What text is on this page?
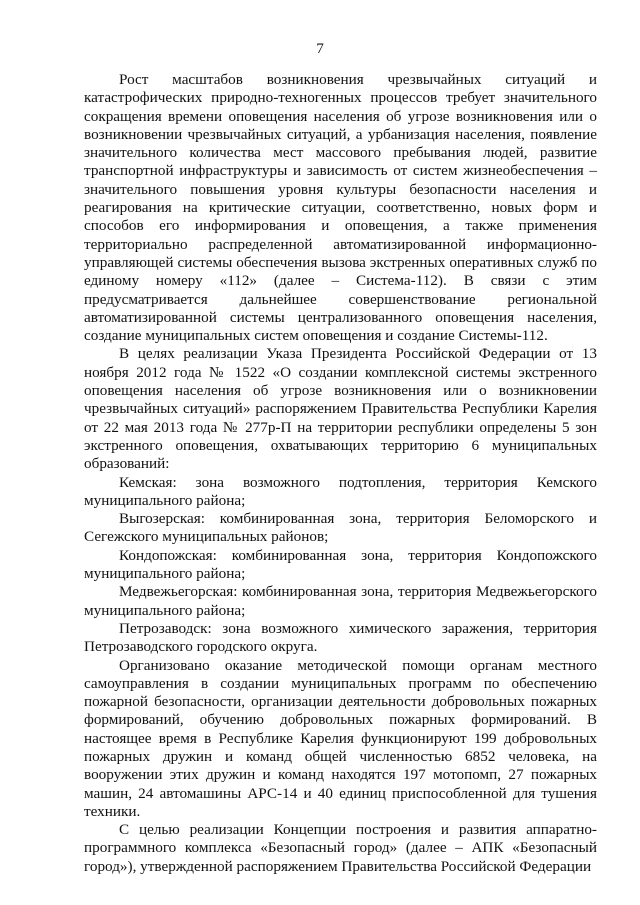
7

Рост масштабов возникновения чрезвычайных ситуаций и катастрофических природно-техногенных процессов требует значительного сокращения времени оповещения населения об угрозе возникновения или о возникновении чрезвычайных ситуаций, а урбанизация населения, появление значительного количества мест массового пребывания людей, развитие транспортной инфраструктуры и зависимость от систем жизнеобеспечения – значительного повышения уровня культуры безопасности населения и реагирования на критические ситуации, соответственно, новых форм и способов его информирования и оповещения, а также применения территориально распределенной автоматизированной информационно-управляющей системы обеспечения вызова экстренных оперативных служб по единому номеру «112» (далее – Система-112). В связи с этим предусматривается дальнейшее совершенствование региональной автоматизированной системы централизованного оповещения населения, создание муниципальных систем оповещения и создание Системы-112.

В целях реализации Указа Президента Российской Федерации от 13 ноября 2012 года № 1522 «О создании комплексной системы экстренного оповещения населения об угрозе возникновения или о возникновении чрезвычайных ситуаций» распоряжением Правительства Республики Карелия от 22 мая 2013 года № 277р-П на территории республики определены 5 зон экстренного оповещения, охватывающих территорию 6 муниципальных образований:

Кемская: зона возможного подтопления, территория Кемского муниципального района;

Выгозерская: комбинированная зона, территория Беломорского и Сегежского муниципальных районов;

Кондопожская: комбинированная зона, территория Кондопожского муниципального района;

Медвежьегорская: комбинированная зона, территория Медвежьегорского муниципального района;

Петрозаводск: зона возможного химического заражения, территория Петрозаводского городского округа.

Организовано оказание методической помощи органам местного самоуправления в создании муниципальных программ по обеспечению пожарной безопасности, организации деятельности добровольных пожарных формирований, обучению добровольных пожарных формирований. В настоящее время в Республике Карелия функционируют 199 добровольных пожарных дружин и команд общей численностью 6852 человека, на вооружении этих дружин и команд находятся 197 мотопомп, 27 пожарных машин, 24 автомашины АРС-14 и 40 единиц приспособленной для тушения техники.

С целью реализации Концепции построения и развития аппаратно-программного комплекса «Безопасный город» (далее – АПК «Безопасный город»), утвержденной распоряжением Правительства Российской Федерации
